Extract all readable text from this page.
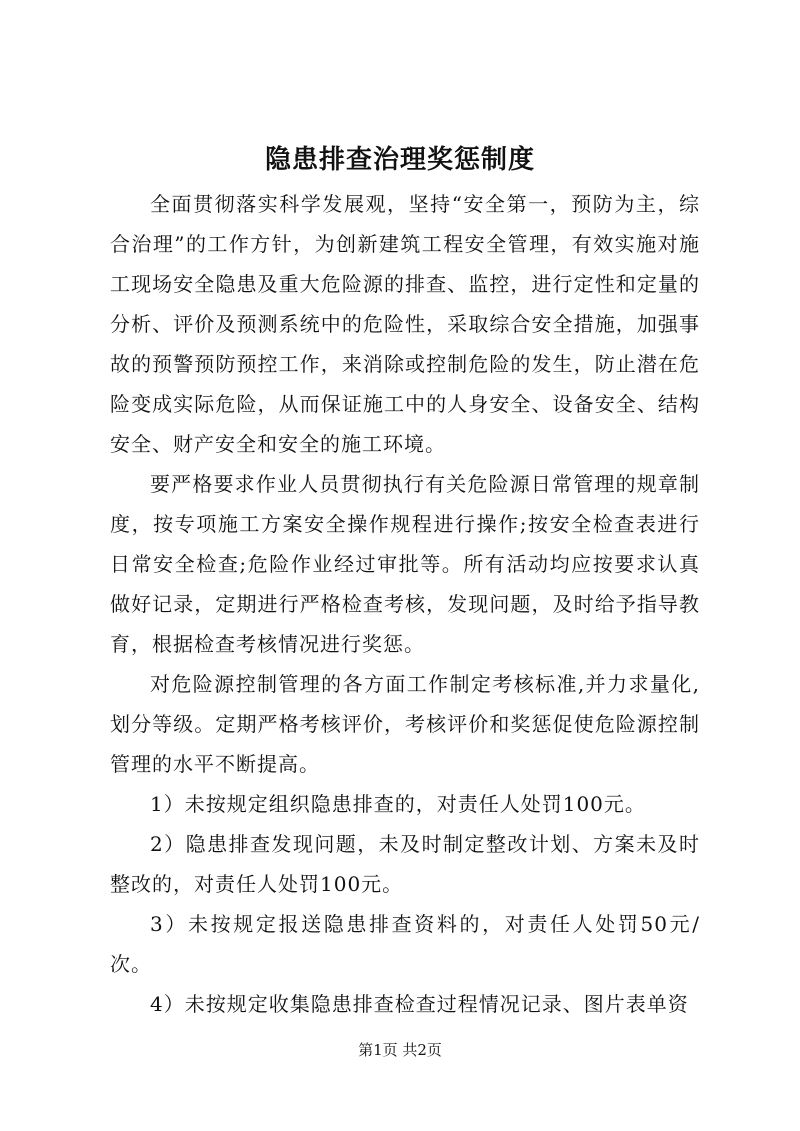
隐患排查治理奖惩制度

全面贯彻落实科学发展观，坚持“安全第一，预防为主，综合治理”的工作方针，为创新建筑工程安全管理，有效实施对施工现场安全隐患及重大危险源的排查、监控，进行定性和定量的分析、评价及预测系统中的危险性，采取综合安全措施，加强事故的预警预防预控工作，来消除或控制危险的发生，防止潜在危险变成实际危险，从而保证施工中的人身安全、设备安全、结构安全、财产安全和安全的施工环境。

要严格要求作业人员贯彻执行有关危险源日常管理的规章制度，按专项施工方案安全操作规程进行操作;按安全检查表进行日常安全检查;危险作业经过审批等。所有活动均应按要求认真做好记录，定期进行严格检查考核，发现问题，及时给予指导教育，根据检查考核情况进行奖惩。

对危险源控制管理的各方面工作制定考核标准,并力求量化,划分等级。定期严格考核评价，考核评价和奖惩促使危险源控制管理的水平不断提高。

1）未按规定组织隐患排查的，对责任人处罚100元。

2）隐患排查发现问题，未及时制定整改计划、方案未及时整改的，对责任人处罚100元。

3）未按规定报送隐患排查资料的，对责任人处罚50元/次。

4）未按规定收集隐患排查检查过程情况记录、图片表单资

第1页 共2页
